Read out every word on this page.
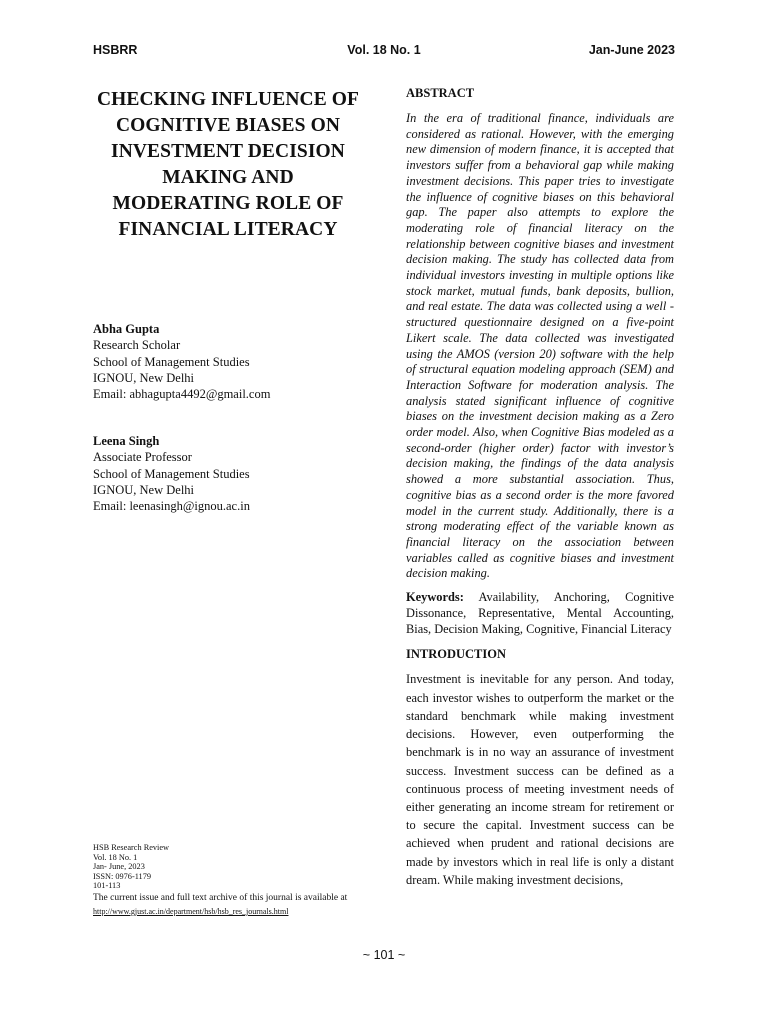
HSBRR	Vol. 18 No. 1	Jan-June 2023
CHECKING INFLUENCE OF COGNITIVE BIASES ON INVESTMENT DECISION MAKING AND MODERATING ROLE OF FINANCIAL LITERACY
Abha Gupta
Research Scholar
School of Management Studies
IGNOU, New Delhi
Email: abhagupta4492@gmail.com
Leena Singh
Associate Professor
School of Management Studies
IGNOU, New Delhi
Email: leenasingh@ignou.ac.in
HSB Research Review
Vol. 18 No. 1
Jan- June, 2023
ISSN: 0976-1179
101-113
The current issue and full text archive of this journal is available at http://www.gjust.ac.in/department/hsb/hsb_res_journals.html
ABSTRACT

In the era of traditional finance, individuals are considered as rational. However, with the emerging new dimension of modern finance, it is accepted that investors suffer from a behavioral gap while making investment decisions. This paper tries to investigate the influence of cognitive biases on this behavioral gap. The paper also attempts to explore the moderating role of financial literacy on the relationship between cognitive biases and investment decision making. The study has collected data from individual investors investing in multiple options like stock market, mutual funds, bank deposits, bullion, and real estate. The data was collected using a well -structured questionnaire designed on a five-point Likert scale. The data collected was investigated using the AMOS (version 20) software with the help of structural equation modeling approach (SEM) and Interaction Software for moderation analysis. The analysis stated significant influence of cognitive biases on the investment decision making as a Zero order model. Also, when Cognitive Bias modeled as a second-order (higher order) factor with investor’s decision making, the findings of the data analysis showed a more substantial association. Thus, cognitive bias as a second order is the more favored model in the current study. Additionally, there is a strong moderating effect of the variable known as financial literacy on the association between variables called as cognitive biases and investment decision making.

Keywords: Availability, Anchoring, Cognitive Dissonance, Representative, Mental Accounting, Bias, Decision Making, Cognitive, Financial Literacy

INTRODUCTION

Investment is inevitable for any person. And today, each investor wishes to outperform the market or the standard benchmark while making investment decisions. However, even outperforming the benchmark is in no way an assurance of investment success. Investment success can be defined as a continuous process of meeting investment needs of either generating an income stream for retirement or to secure the capital. Investment success can be achieved when prudent and rational decisions are made by investors which in real life is only a distant dream. While making investment decisions,

~ 101 ~
